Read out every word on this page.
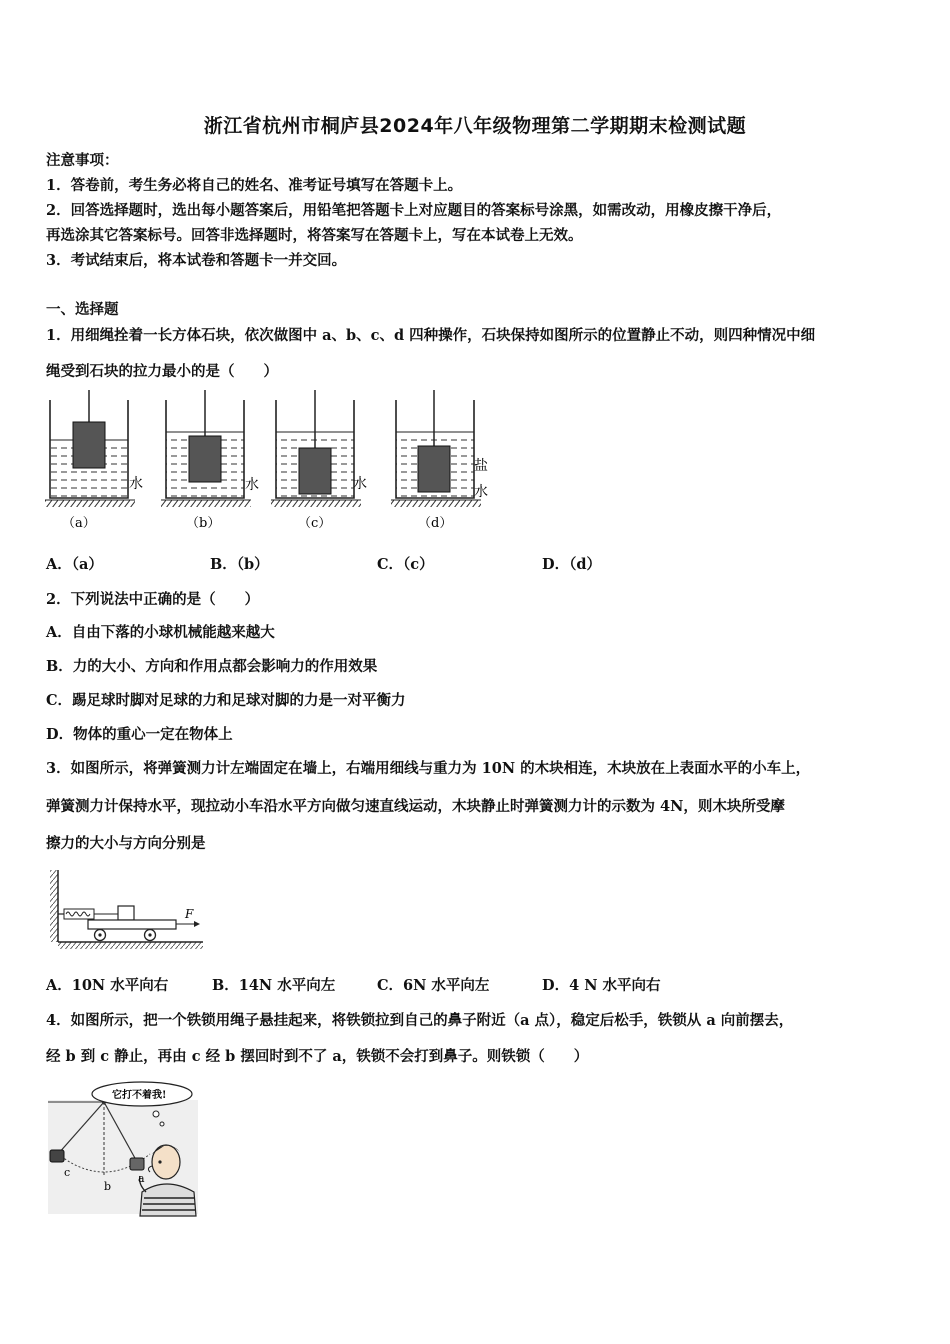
浙江省杭州市桐庐县2024年八年级物理第二学期期末检测试题
注意事项：
1．答卷前，考生务必将自己的姓名、准考证号填写在答题卡上。
2．回答选择题时，选出每小题答案后，用铅笔把答题卡上对应题目的答案标号涂黑，如需改动，用橡皮擦干净后，
再选涂其它答案标号。回答非选择题时，将答案写在答题卡上，写在本试卷上无效。
3．考试结束后，将本试卷和答题卡一并交回。
一、选择题
1．用细绳拴着一长方体石块，依次做图中 a、b、c、d 四种操作，石块保持如图所示的位置静止不动，则四种情况中细
绳受到石块的拉力最小的是（　　）
水	水	水
盐
水
（a）	（b）	（c）	（d）
A．（a）	B．（b）	C．（c）	D．（d）
2．下列说法中正确的是（　　）
A．自由下落的小球机械能越来越大
B．力的大小、方向和作用点都会影响力的作用效果
C．踢足球时脚对足球的力和足球对脚的力是一对平衡力
D．物体的重心一定在物体上
3．如图所示，将弹簧测力计左端固定在墙上，右端用细线与重力为 10N 的木块相连，木块放在上表面水平的小车上，
弹簧测力计保持水平，现拉动小车沿水平方向做匀速直线运动，木块静止时弹簧测力计的示数为 4N，则木块所受摩
擦力的大小与方向分别是
F
A．10N 水平向右	B．14N 水平向左	C．6N 水平向左	D．4 N 水平向右
4．如图所示，把一个铁锁用绳子悬挂起来，将铁锁拉到自己的鼻子附近（a 点），稳定后松手，铁锁从 a 向前摆去，
经 b 到 c 静止，再由 c 经 b 摆回时到不了 a，铁锁不会打到鼻子。则铁锁（　　）
它打不着我!
c
b
a
